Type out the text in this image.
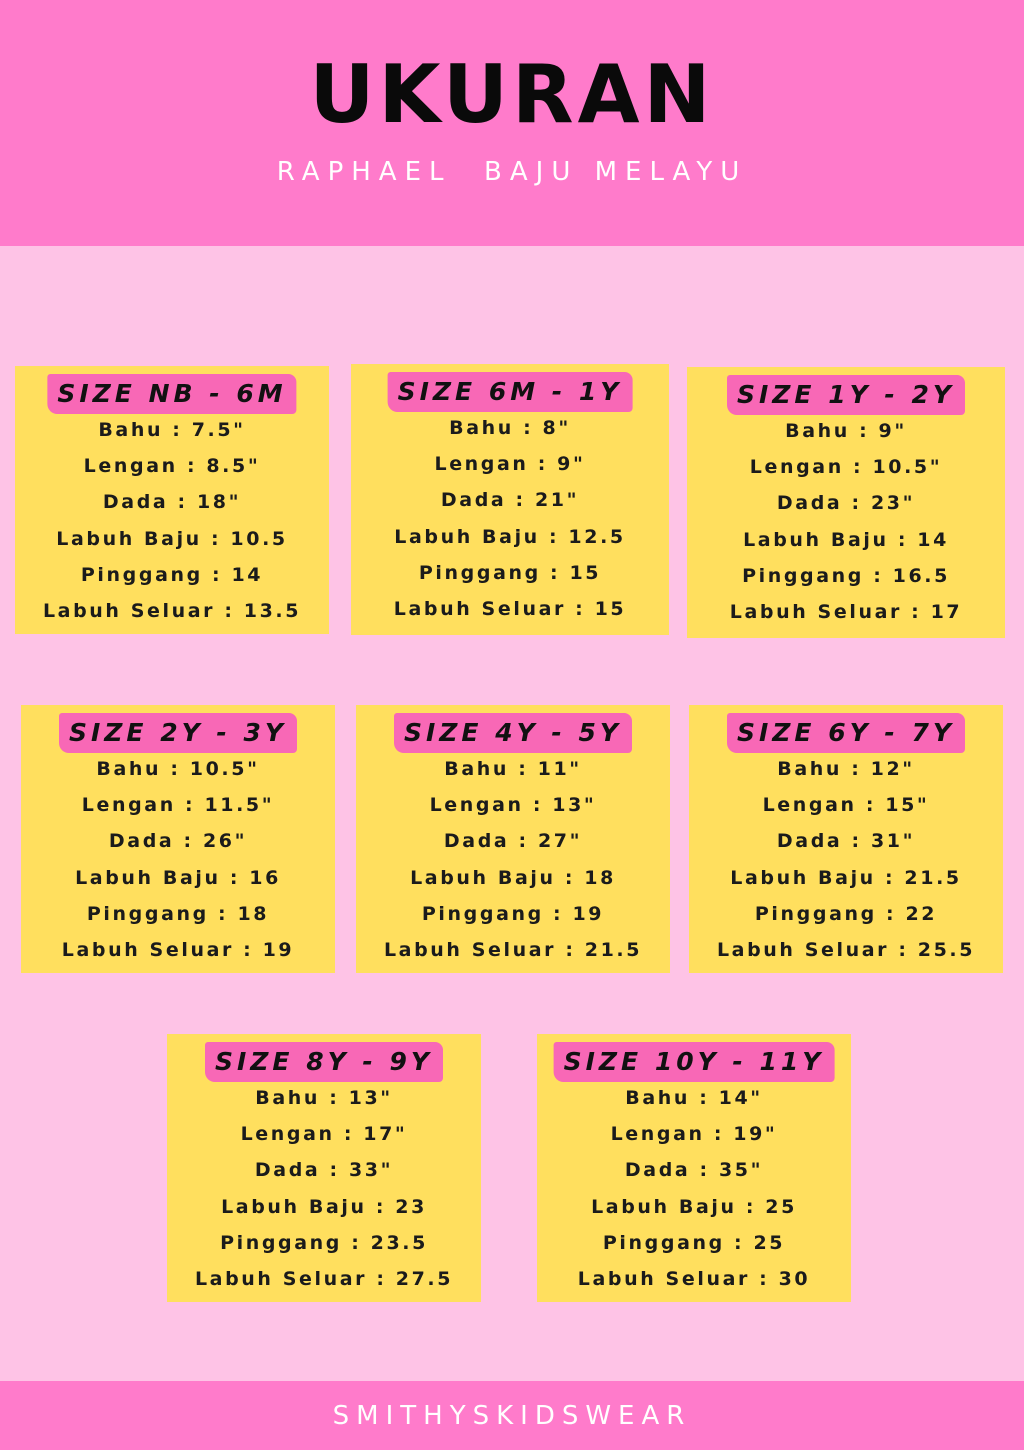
UKURAN
RAPHAEL  BAJU MELAYU
SIZE NB - 6M
Bahu : 7.5"
Lengan : 8.5"
Dada : 18"
Labuh Baju : 10.5
Pinggang : 14
Labuh Seluar : 13.5
SIZE 6M - 1Y
Bahu : 8"
Lengan : 9"
Dada : 21"
Labuh Baju : 12.5
Pinggang : 15
Labuh Seluar : 15
SIZE 1Y - 2Y
Bahu : 9"
Lengan : 10.5"
Dada : 23"
Labuh Baju : 14
Pinggang : 16.5
Labuh Seluar : 17
SIZE 2Y - 3Y
Bahu : 10.5"
Lengan : 11.5"
Dada : 26"
Labuh Baju : 16
Pinggang : 18
Labuh Seluar : 19
SIZE 4Y - 5Y
Bahu : 11"
Lengan : 13"
Dada : 27"
Labuh Baju : 18
Pinggang : 19
Labuh Seluar : 21.5
SIZE 6Y - 7Y
Bahu : 12"
Lengan : 15"
Dada : 31"
Labuh Baju : 21.5
Pinggang : 22
Labuh Seluar : 25.5
SIZE 8Y - 9Y
Bahu : 13"
Lengan : 17"
Dada : 33"
Labuh Baju : 23
Pinggang : 23.5
Labuh Seluar : 27.5
SIZE 10Y - 11Y
Bahu : 14"
Lengan : 19"
Dada : 35"
Labuh Baju : 25
Pinggang : 25
Labuh Seluar : 30
SMITHYSKIDSWEAR
